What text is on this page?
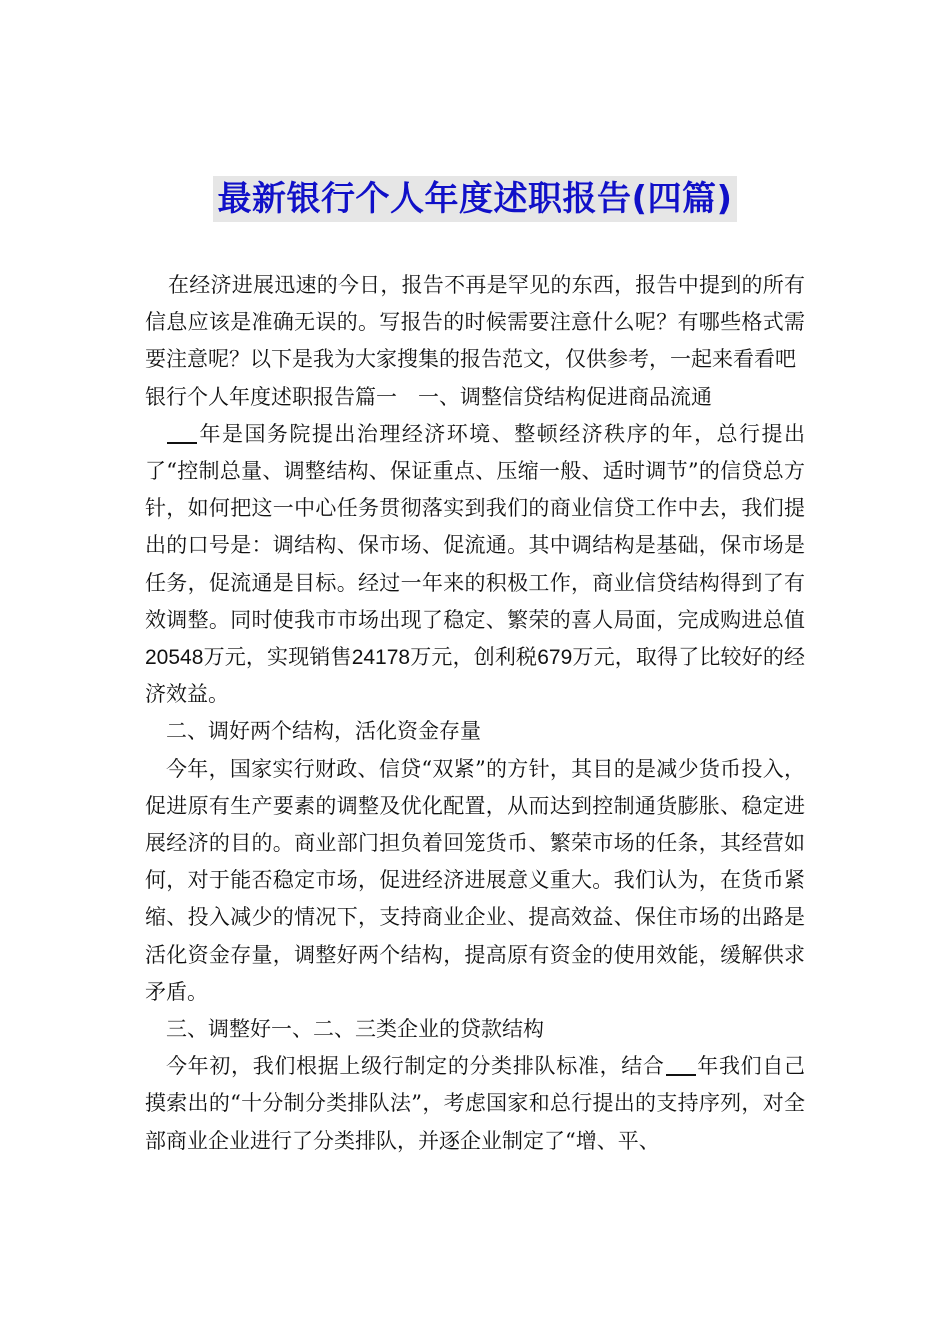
最新银行个人年度述职报告(四篇)

在经济进展迅速的今日，报告不再是罕见的东西，报告中提到的所有信息应该是准确无误的。写报告的时候需要注意什么呢？有哪些格式需要注意呢？以下是我为大家搜集的报告范文，仅供参考，一起来看看吧

银行个人年度述职报告篇一　一、调整信贷结构促进商品流通

年是国务院提出治理经济环境、整顿经济秩序的年，总行提出了“控制总量、调整结构、保证重点、压缩一般、适时调节”的信贷总方针，如何把这一中心任务贯彻落实到我们的商业信贷工作中去，我们提出的口号是：调结构、保市场、促流通。其中调结构是基础，保市场是任务，促流通是目标。经过一年来的积极工作，商业信贷结构得到了有效调整。同时使我市市场出现了稳定、繁荣的喜人局面，完成购进总值20548万元，实现销售24178万元，创利税679万元，取得了比较好的经济效益。

二、调好两个结构，活化资金存量

今年，国家实行财政、信贷“双紧”的方针，其目的是减少货币投入，促进原有生产要素的调整及优化配置，从而达到控制通货膨胀、稳定进展经济的目的。商业部门担负着回笼货币、繁荣市场的任条，其经营如何，对于能否稳定市场，促进经济进展意义重大。我们认为，在货币紧缩、投入减少的情况下，支持商业企业、提高效益、保住市场的出路是活化资金存量，调整好两个结构，提高原有资金的使用效能，缓解供求矛盾。

三、调整好一、二、三类企业的贷款结构

今年初，我们根据上级行制定的分类排队标准，结合 年我们自己摸索出的“十分制分类排队法”，考虑国家和总行提出的支持序列，对全部商业企业进行了分类排队，并逐企业制定了“增、平、
